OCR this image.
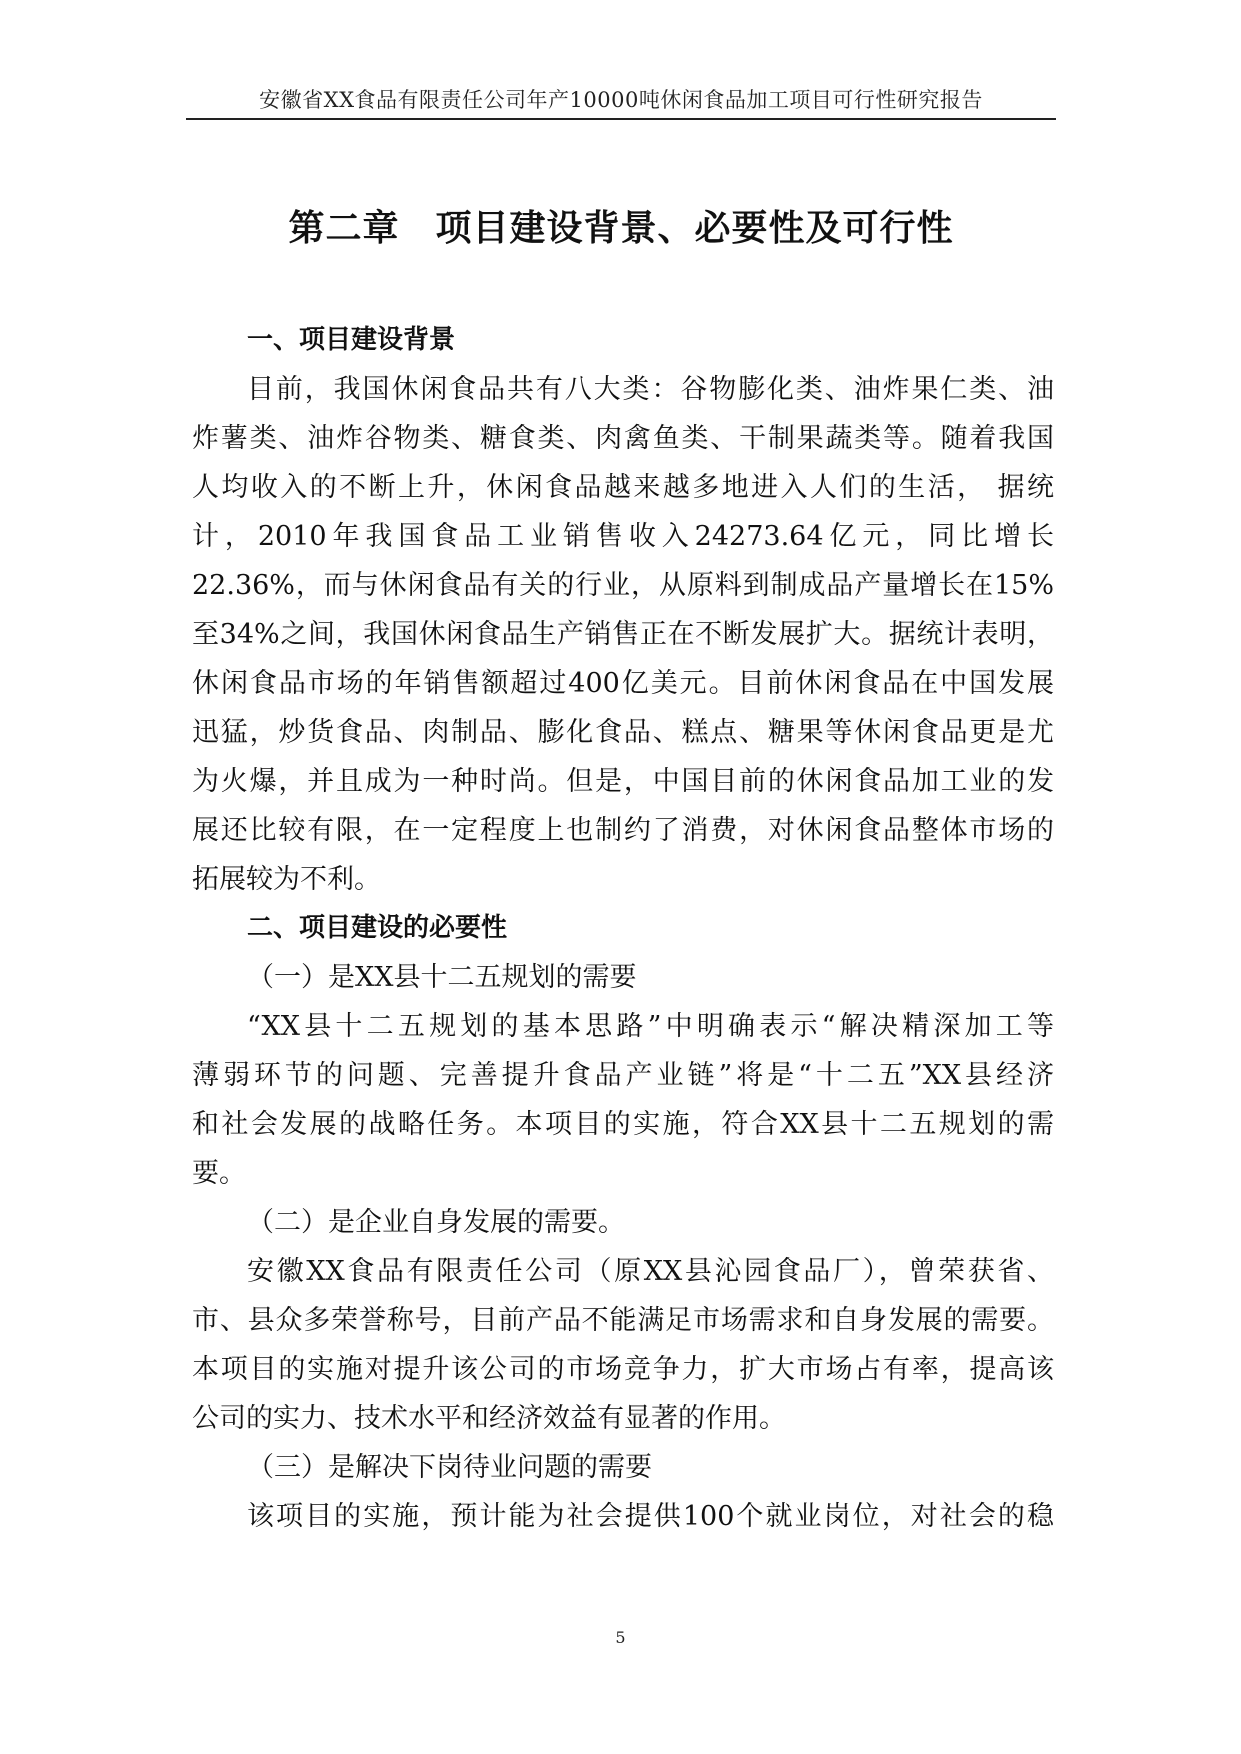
安徽省XX食品有限责任公司年产10000吨休闲食品加工项目可行性研究报告
第二章 项目建设背景、必要性及可行性
一、项目建设背景
目前，我国休闲食品共有八大类：谷物膨化类、油炸果仁类、油
炸薯类、油炸谷物类、糖食类、肉禽鱼类、干制果蔬类等。随着我国
人均收入的不断上升，休闲食品越来越多地进入人们的生活， 据统
计，2010年我国食品工业销售收入24273.64亿元，同比增长
22.36%，而与休闲食品有关的行业，从原料到制成品产量增长在15%
至34%之间，我国休闲食品生产销售正在不断发展扩大。据统计表明，
休闲食品市场的年销售额超过400亿美元。目前休闲食品在中国发展
迅猛，炒货食品、肉制品、膨化食品、糕点、糖果等休闲食品更是尤
为火爆，并且成为一种时尚。但是，中国目前的休闲食品加工业的发
展还比较有限，在一定程度上也制约了消费，对休闲食品整体市场的
拓展较为不利。
二、项目建设的必要性
（一）是XX县十二五规划的需要
“XX县十二五规划的基本思路”中明确表示“解决精深加工等
薄弱环节的问题、完善提升食品产业链”将是“十二五”XX县经济
和社会发展的战略任务。本项目的实施，符合XX县十二五规划的需
要。
（二）是企业自身发展的需要。
安徽XX食品有限责任公司（原XX县沁园食品厂），曾荣获省、
市、县众多荣誉称号，目前产品不能满足市场需求和自身发展的需要。
本项目的实施对提升该公司的市场竞争力，扩大市场占有率，提高该
公司的实力、技术水平和经济效益有显著的作用。
（三）是解决下岗待业问题的需要
该项目的实施，预计能为社会提供100个就业岗位，对社会的稳
5
